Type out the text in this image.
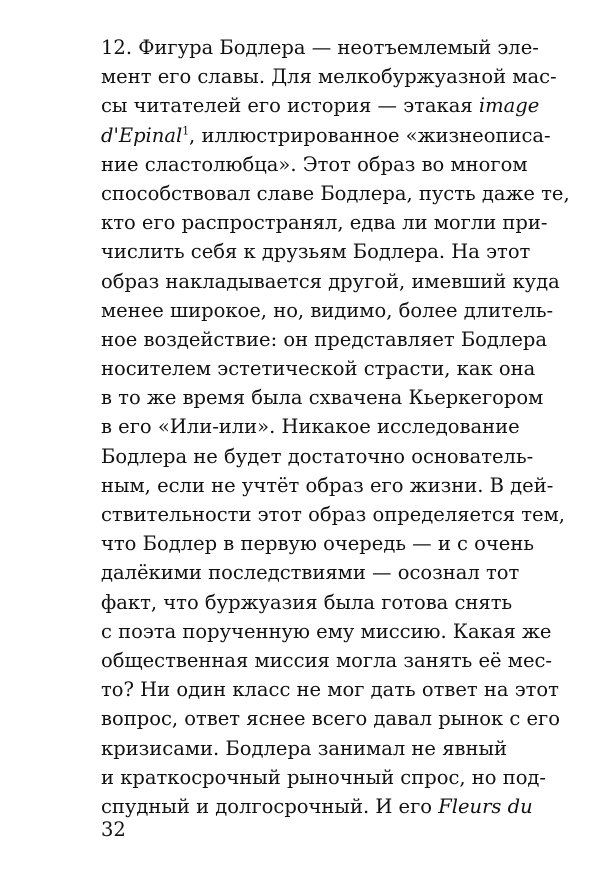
12. Фигура Бодлера — неотъемлемый эле-
мент его славы. Для мелкобуржуазной мас-
сы читателей его история — этакая image
d'Epinal$^1$, иллюстрированное «жизнеописа-
ние сластолюбца». Этот образ во многом
способствовал славе Бодлера, пусть даже те,
кто его распространял, едва ли могли при-
числить себя к друзьям Бодлера. На этот
образ накладывается другой, имевший куда
менее широкое, но, видимо, более длитель-
ное воздействие: он представляет Бодлера
носителем эстетической страсти, как она
в то же время была схвачена Кьеркегором
в его «Или-или». Никакое исследование
Бодлера не будет достаточно основатель-
ным, если не учтёт образ его жизни. В дей-
ствительности этот образ определяется тем,
что Бодлер в первую очередь — и с очень
далёкими последствиями — осознал тот
факт, что буржуазия была готова снять
с поэта порученную ему миссию. Какая же
общественная миссия могла занять её мес-
то? Ни один класс не мог дать ответ на этот
вопрос, ответ яснее всего давал рынок с его
кризисами. Бодлера занимал не явный
и краткосрочный рыночный спрос, но под-
спудный и долгосрочный. И его Fleurs du
32
